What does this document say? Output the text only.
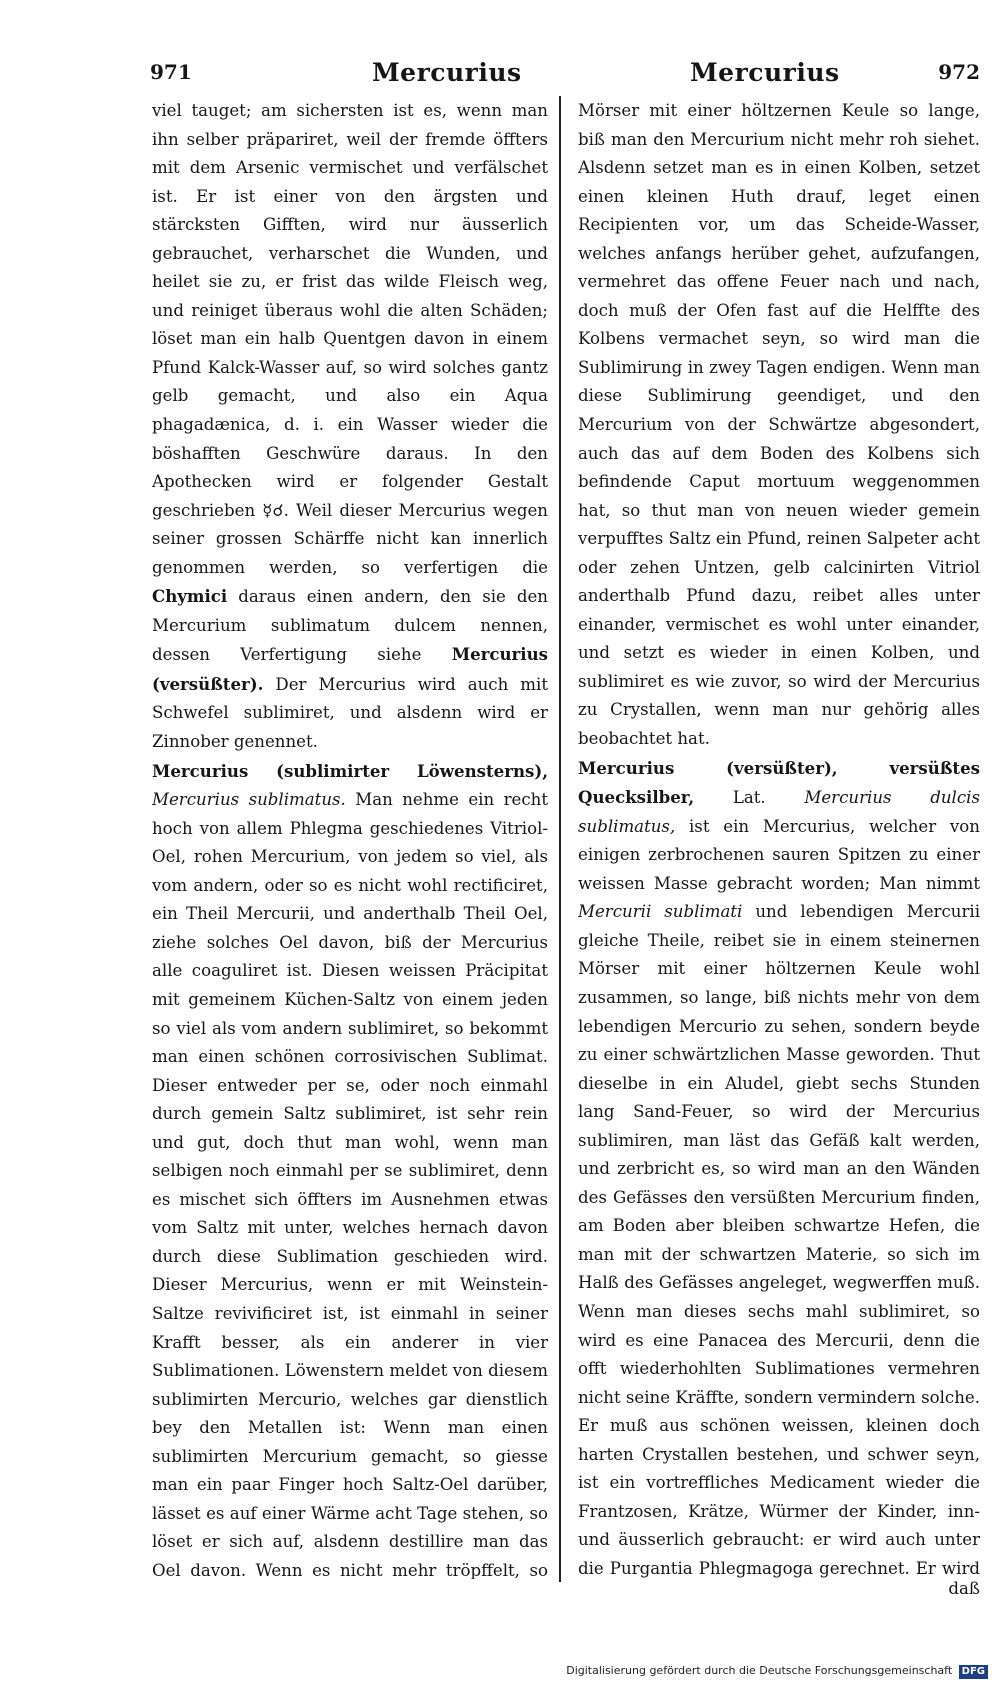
971	Mercurius	Mercurius	972

viel tauget; am sichersten ist es, wenn man ihn selber präpariret, weil der fremde öffters mit dem Arsenic vermischet und verfälschet ist. Er ist einer von den ärgsten und stärcksten Gifften, wird nur äusserlich gebrauchet, verharschet die Wunden, und heilet sie zu, er frist das wilde Fleisch weg, und reiniget überaus wohl die alten Schäden; löset man ein halb Quentgen davon in einem Pfund Kalck-Wasser auf, so wird solches gantz gelb gemacht, und also ein Aqua phagadænica, d. i. ein Wasser wieder die böshafften Geschwüre daraus. In den Apothecken wird er folgender Gestalt geschrieben ☿☌. Weil dieser Mercurius wegen seiner grossen Schärffe nicht kan innerlich genommen werden, so verfertigen die Chymici daraus einen andern, den sie den Mercurium sublimatum dulcem nennen, dessen Verfertigung siehe Mercurius (versüßter). Der Mercurius wird auch mit Schwefel sublimiret, und alsdenn wird er Zinnober genennet.

Mercurius (sublimirter Löwensterns), Mercurius sublimatus. Man nehme ein recht hoch von allem Phlegma geschiedenes Vitriol-Oel, rohen Mercurium, von jedem so viel, als vom andern, oder so es nicht wohl rectificiret, ein Theil Mercurii, und anderthalb Theil Oel, ziehe solches Oel davon, biß der Mercurius alle coaguliret ist. Diesen weissen Präcipitat mit gemeinem Küchen-Saltz von einem jeden so viel als vom andern sublimiret, so bekommt man einen schönen corrosivischen Sublimat. Dieser entweder per se, oder noch einmahl durch gemein Saltz sublimiret, ist sehr rein und gut, doch thut man wohl, wenn man selbigen noch einmahl per se sublimiret, denn es mischet sich öffters im Ausnehmen etwas vom Saltz mit unter, welches hernach davon durch diese Sublimation geschieden wird. Dieser Mercurius, wenn er mit Weinstein-Saltze revivificiret ist, ist einmahl in seiner Krafft besser, als ein anderer in vier Sublimationen. Löwenstern meldet von diesem sublimirten Mercurio, welches gar dienstlich bey den Metallen ist: Wenn man einen sublimirten Mercurium gemacht, so giesse man ein paar Finger hoch Saltz-Oel darüber, lässet es auf einer Wärme acht Tage stehen, so löset er sich auf, alsdenn destillire man das Oel davon. Wenn es nicht mehr tröpffelt, so

Mörser mit einer höltzernen Keule so lange, biß man den Mercurium nicht mehr roh siehet. Alsdenn setzet man es in einen Kolben, setzet einen kleinen Huth drauf, leget einen Recipienten vor, um das Scheide-Wasser, welches anfangs herüber gehet, aufzufangen, vermehret das offene Feuer nach und nach, doch muß der Ofen fast auf die Helffte des Kolbens vermachet seyn, so wird man die Sublimirung in zwey Tagen endigen. Wenn man diese Sublimirung geendiget, und den Mercurium von der Schwärtze abgesondert, auch das auf dem Boden des Kolbens sich befindende Caput mortuum weggenommen hat, so thut man von neuen wieder gemein verpufftes Saltz ein Pfund, reinen Salpeter acht oder zehen Untzen, gelb calcinirten Vitriol anderthalb Pfund dazu, reibet alles unter einander, vermischet es wohl unter einander, und setzt es wieder in einen Kolben, und sublimiret es wie zuvor, so wird der Mercurius zu Crystallen, wenn man nur gehörig alles beobachtet hat.

Mercurius (versüßter), versüßtes Quecksilber, Lat. Mercurius dulcis sublimatus, ist ein Mercurius, welcher von einigen zerbrochenen sauren Spitzen zu einer weissen Masse gebracht worden; Man nimmt Mercurii sublimati und lebendigen Mercurii gleiche Theile, reibet sie in einem steinernen Mörser mit einer höltzernen Keule wohl zusammen, so lange, biß nichts mehr von dem lebendigen Mercurio zu sehen, sondern beyde zu einer schwärtzlichen Masse geworden. Thut dieselbe in ein Aludel, giebt sechs Stunden lang Sand-Feuer, so wird der Mercurius sublimiren, man läst das Gefäß kalt werden, und zerbricht es, so wird man an den Wänden des Gefässes den versüßten Mercurium finden, am Boden aber bleiben schwartze Hefen, die man mit der schwartzen Materie, so sich im Halß des Gefässes angeleget, wegwerffen muß. Wenn man dieses sechs mahl sublimiret, so wird es eine Panacea des Mercurii, denn die offt wiederhohlten Sublimationes vermehren nicht seine Kräffte, sondern vermindern solche. Er muß aus schönen weissen, kleinen doch harten Crystallen bestehen, und schwer seyn, ist ein vortreffliches Medicament wieder die Frantzosen, Krätze, Würmer der Kinder, inn- und äusserlich gebraucht: er wird auch unter die Purgantia Phlegmagoga gerechnet. Er wird

daß
Digitalisierung gefördert durch die Deutsche Forschungsgemeinschaft DFG
